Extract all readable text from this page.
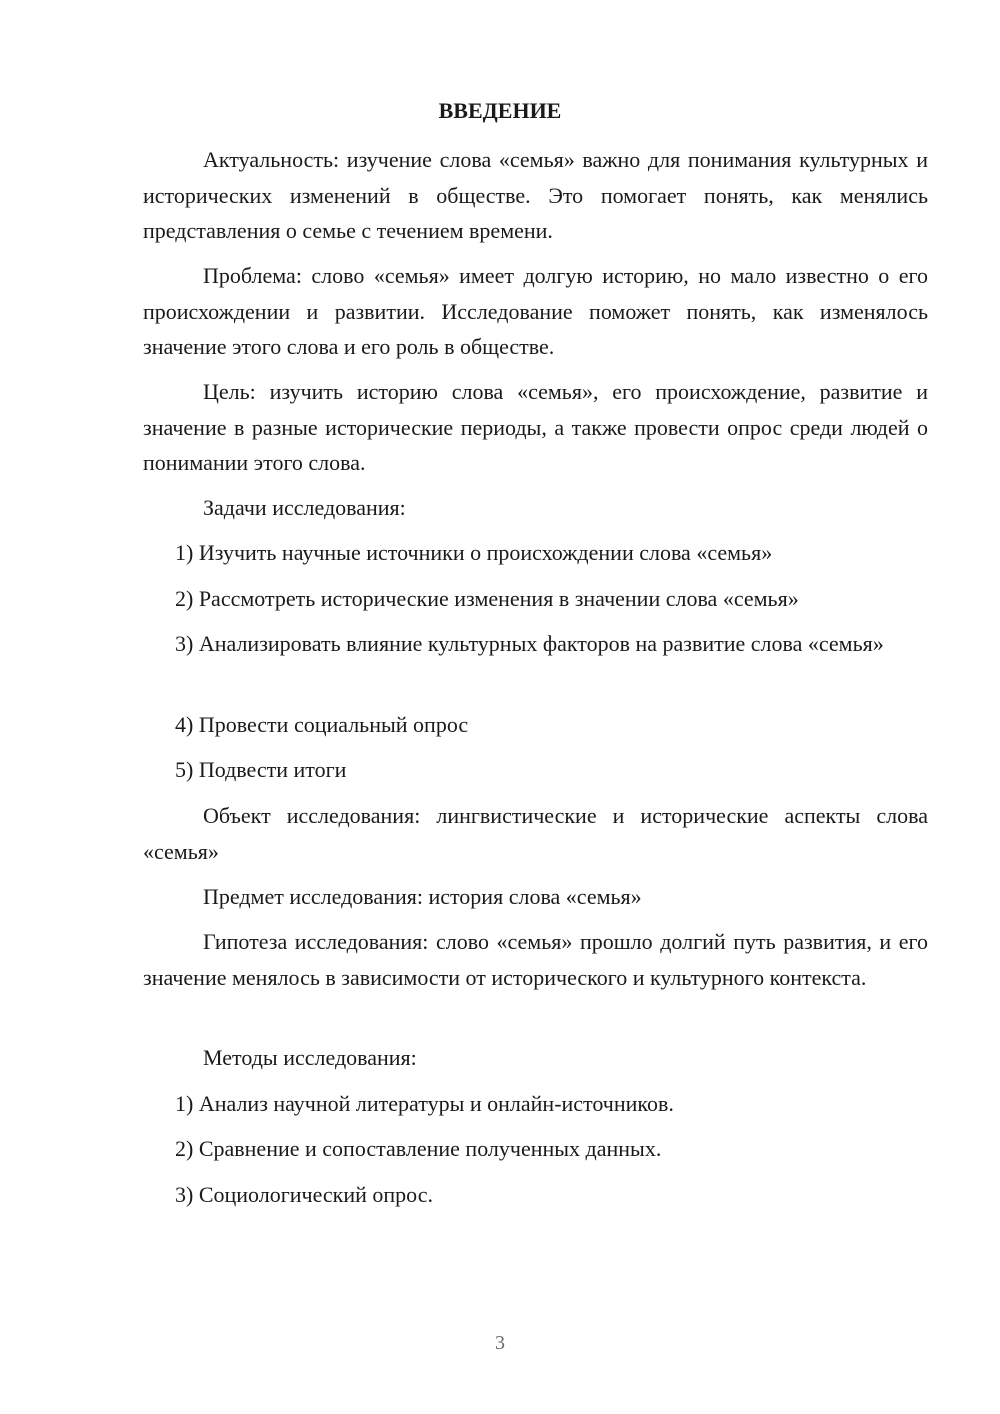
ВВЕДЕНИЕ
Актуальность: изучение слова «семья» важно для понимания культурных и исторических изменений в обществе. Это помогает понять, как менялись представления о семье с течением времени.
Проблема: слово «семья» имеет долгую историю, но мало известно о его происхождении и развитии. Исследование поможет понять, как изменялось значение этого слова и его роль в обществе.
Цель: изучить историю слова «семья», его происхождение, развитие и значение в разные исторические периоды, а также провести опрос среди людей о понимании этого слова.
Задачи исследования:
1) Изучить научные источники о происхождении слова «семья»
2) Рассмотреть исторические изменения в значении слова «семья»
3) Анализировать влияние культурных факторов на развитие слова «семья»
4) Провести социальный опрос
5) Подвести итоги
Объект исследования: лингвистические и исторические аспекты слова «семья»
Предмет исследования: история слова «семья»
Гипотеза исследования: слово «семья» прошло долгий путь развития, и его значение менялось в зависимости от исторического и культурного контекста.
Методы исследования:
1) Анализ научной литературы и онлайн-источников.
2) Сравнение и сопоставление полученных данных.
3) Социологический опрос.
3
